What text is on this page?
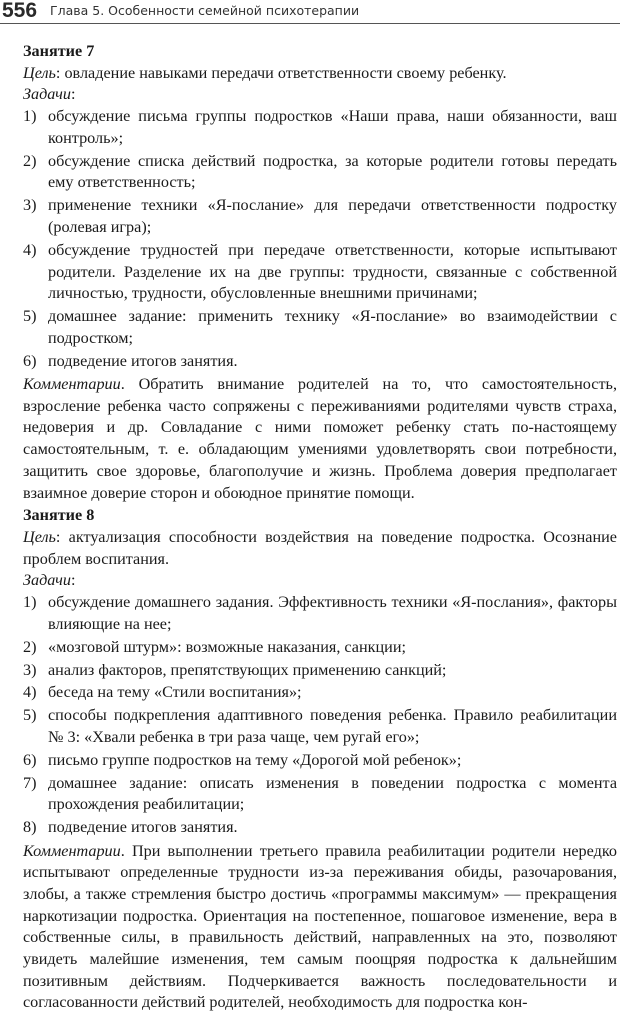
556 Глава 5. Особенности семейной психотерапии

Занятие 7

Цель: овладение навыками передачи ответственности своему ребенку.

Задачи:

1) обсуждение письма группы подростков «Наши права, наши обязанности, ваш контроль»;
2) обсуждение списка действий подростка, за которые родители готовы передать ему ответственность;
3) применение техники «Я-послание» для передачи ответственности подростку (ролевая игра);
4) обсуждение трудностей при передаче ответственности, которые испытывают родители. Разделение их на две группы: трудности, связанные с собственной личностью, трудности, обусловленные внешними причинами;
5) домашнее задание: применить технику «Я-послание» во взаимодействии с подростком;
6) подведение итогов занятия.

Комментарии. Обратить внимание родителей на то, что самостоятельность, взросление ребенка часто сопряжены с переживаниями родителями чувств страха, недоверия и др. Совладание с ними поможет ребенку стать по-настоящему самостоятельным, т. е. обладающим умениями удовлетворять свои потребности, защитить свое здоровье, благополучие и жизнь. Проблема доверия предполагает взаимное доверие сторон и обоюдное принятие помощи.

Занятие 8

Цель: актуализация способности воздействия на поведение подростка. Осознание проблем воспитания.

Задачи:

1) обсуждение домашнего задания. Эффективность техники «Я-послания», факторы влияющие на нее;
2) «мозговой штурм»: возможные наказания, санкции;
3) анализ факторов, препятствующих применению санкций;
4) беседа на тему «Стили воспитания»;
5) способы подкрепления адаптивного поведения ребенка. Правило реабилитации № 3: «Хвали ребенка в три раза чаще, чем ругай его»;
6) письмо группе подростков на тему «Дорогой мой ребенок»;
7) домашнее задание: описать изменения в поведении подростка с момента прохождения реабилитации;
8) подведение итогов занятия.

Комментарии. При выполнении третьего правила реабилитации родители нередко испытывают определенные трудности из-за переживания обиды, разочарования, злобы, а также стремления быстро достичь «программы максимум» — прекращения наркотизации подростка. Ориентация на постепенное, пошаговое изменение, вера в собственные силы, в правильность действий, направленных на это, позволяют увидеть малейшие изменения, тем самым поощряя подростка к дальнейшим позитивным действиям. Подчеркивается важность последовательности и согласованности действий родителей, необходимость для подростка кон-
